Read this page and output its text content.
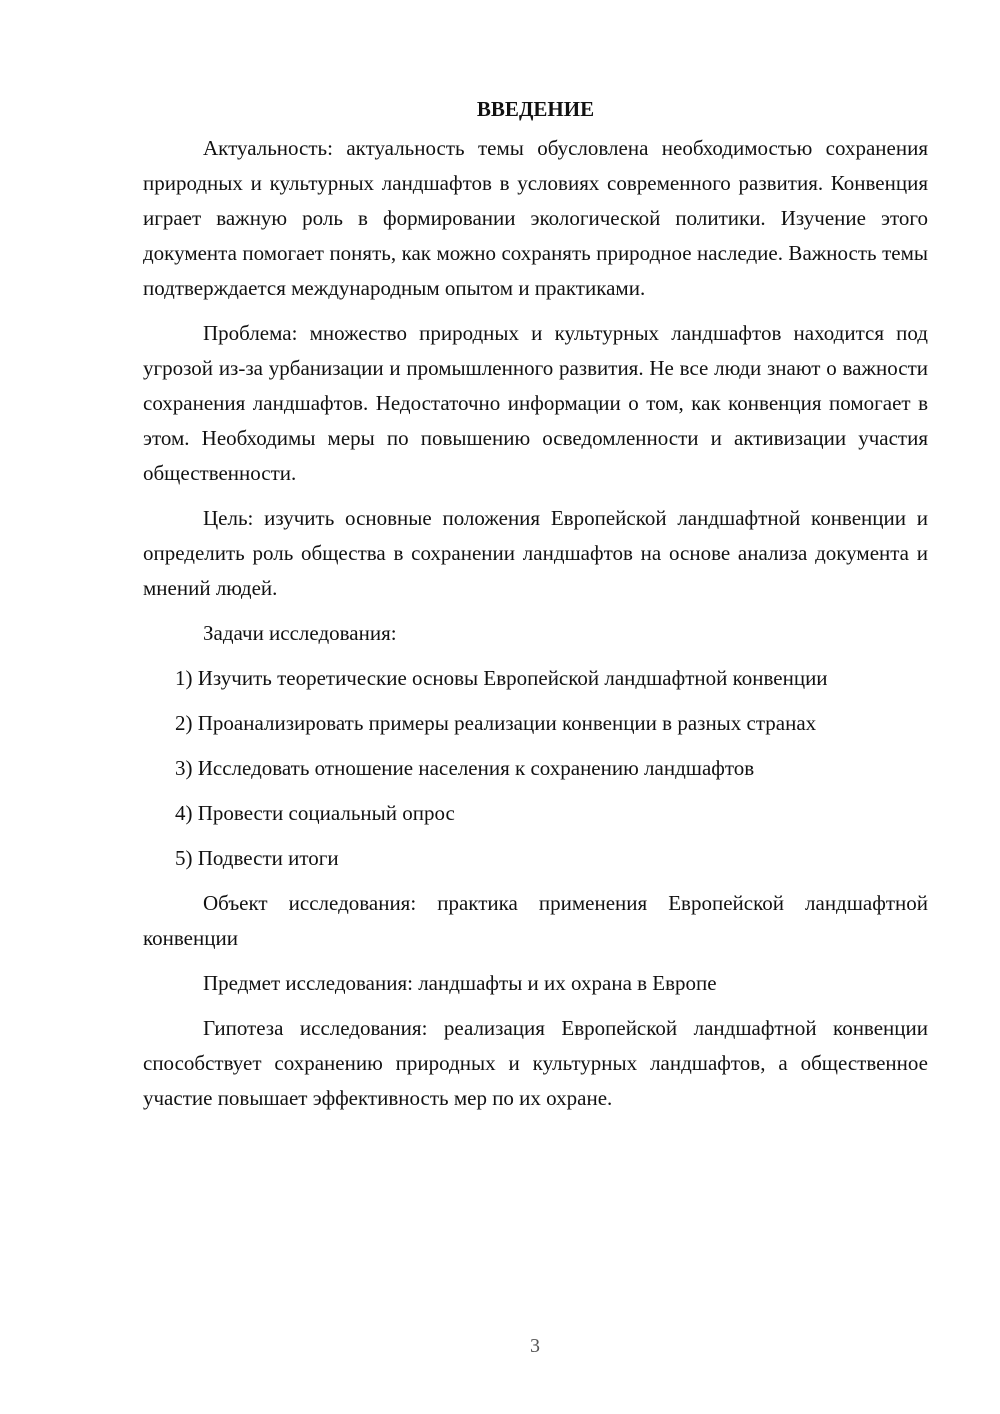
ВВЕДЕНИЕ

Актуальность: актуальность темы обусловлена необходимостью сохранения природных и культурных ландшафтов в условиях современного развития. Конвенция играет важную роль в формировании экологической политики. Изучение этого документа помогает понять, как можно сохранять природное наследие. Важность темы подтверждается международным опытом и практиками.

Проблема: множество природных и культурных ландшафтов находится под угрозой из-за урбанизации и промышленного развития. Не все люди знают о важности сохранения ландшафтов. Недостаточно информации о том, как конвенция помогает в этом. Необходимы меры по повышению осведомленности и активизации участия общественности.

Цель: изучить основные положения Европейской ландшафтной конвенции и определить роль общества в сохранении ландшафтов на основе анализа документа и мнений людей.

Задачи исследования:

1) Изучить теоретические основы Европейской ландшафтной конвенции

2) Проанализировать примеры реализации конвенции в разных странах

3) Исследовать отношение населения к сохранению ландшафтов

4) Провести социальный опрос

5) Подвести итоги

Объект исследования: практика применения Европейской ландшафтной конвенции

Предмет исследования: ландшафты и их охрана в Европе

Гипотеза исследования: реализация Европейской ландшафтной конвенции способствует сохранению природных и культурных ландшафтов, а общественное участие повышает эффективность мер по их охране.

3
